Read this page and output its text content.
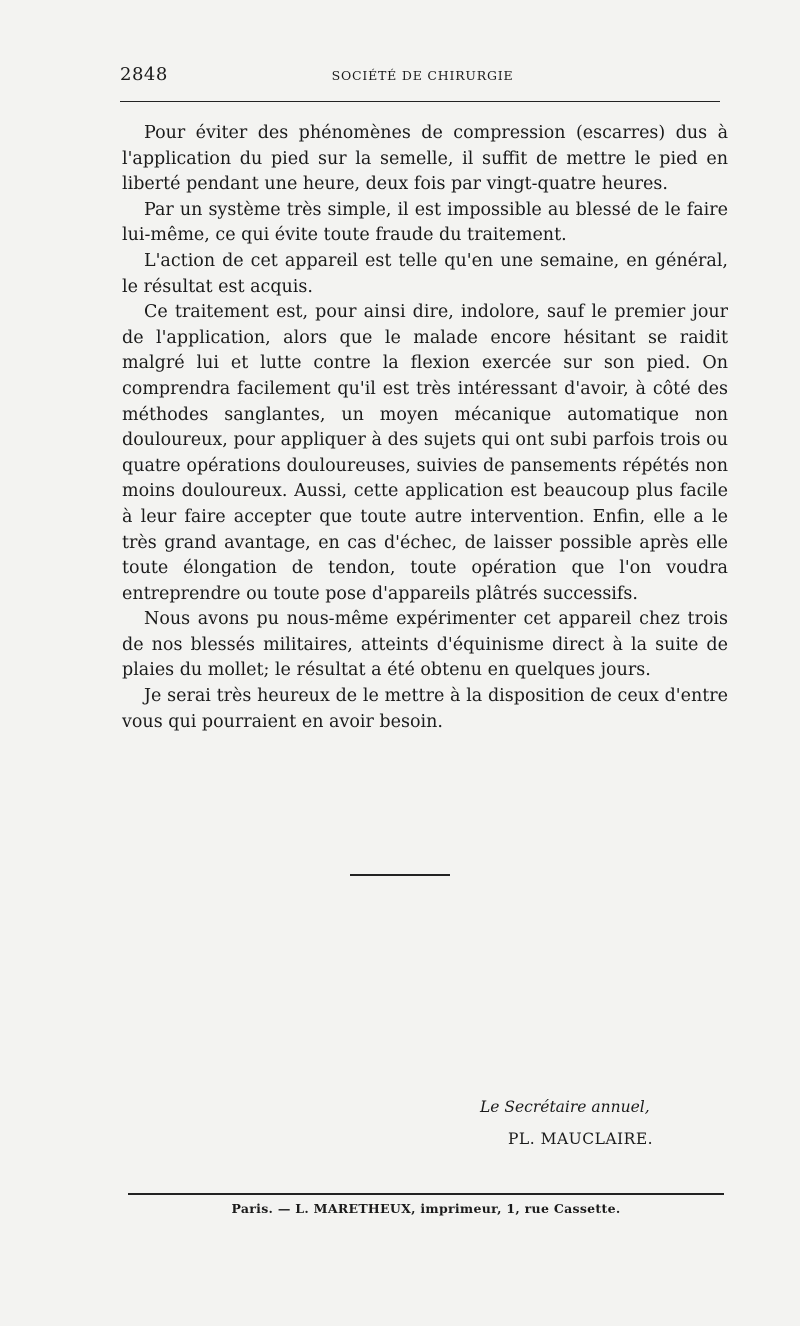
2848	SOCIÉTÉ DE CHIRURGIE

Pour éviter des phénomènes de compression (escarres) dus à l'application du pied sur la semelle, il suffit de mettre le pied en liberté pendant une heure, deux fois par vingt-quatre heures.

Par un système très simple, il est impossible au blessé de le faire lui-même, ce qui évite toute fraude du traitement.

L'action de cet appareil est telle qu'en une semaine, en général, le résultat est acquis.

Ce traitement est, pour ainsi dire, indolore, sauf le premier jour de l'application, alors que le malade encore hésitant se raidit malgré lui et lutte contre la flexion exercée sur son pied. On comprendra facilement qu'il est très intéressant d'avoir, à côté des méthodes sanglantes, un moyen mécanique automatique non douloureux, pour appliquer à des sujets qui ont subi parfois trois ou quatre opérations douloureuses, suivies de pansements répétés non moins douloureux. Aussi, cette application est beaucoup plus facile à leur faire accepter que toute autre intervention. Enfin, elle a le très grand avantage, en cas d'échec, de laisser possible après elle toute élongation de tendon, toute opération que l'on voudra entreprendre ou toute pose d'appareils plâtrés successifs.

Nous avons pu nous-même expérimenter cet appareil chez trois de nos blessés militaires, atteints d'équinisme direct à la suite de plaies du mollet; le résultat a été obtenu en quelques jours.

Je serai très heureux de le mettre à la disposition de ceux d'entre vous qui pourraient en avoir besoin.

Le Secrétaire annuel,
PL. MAUCLAIRE.
Paris. — L. MARETHEUX, imprimeur, 1, rue Cassette.
